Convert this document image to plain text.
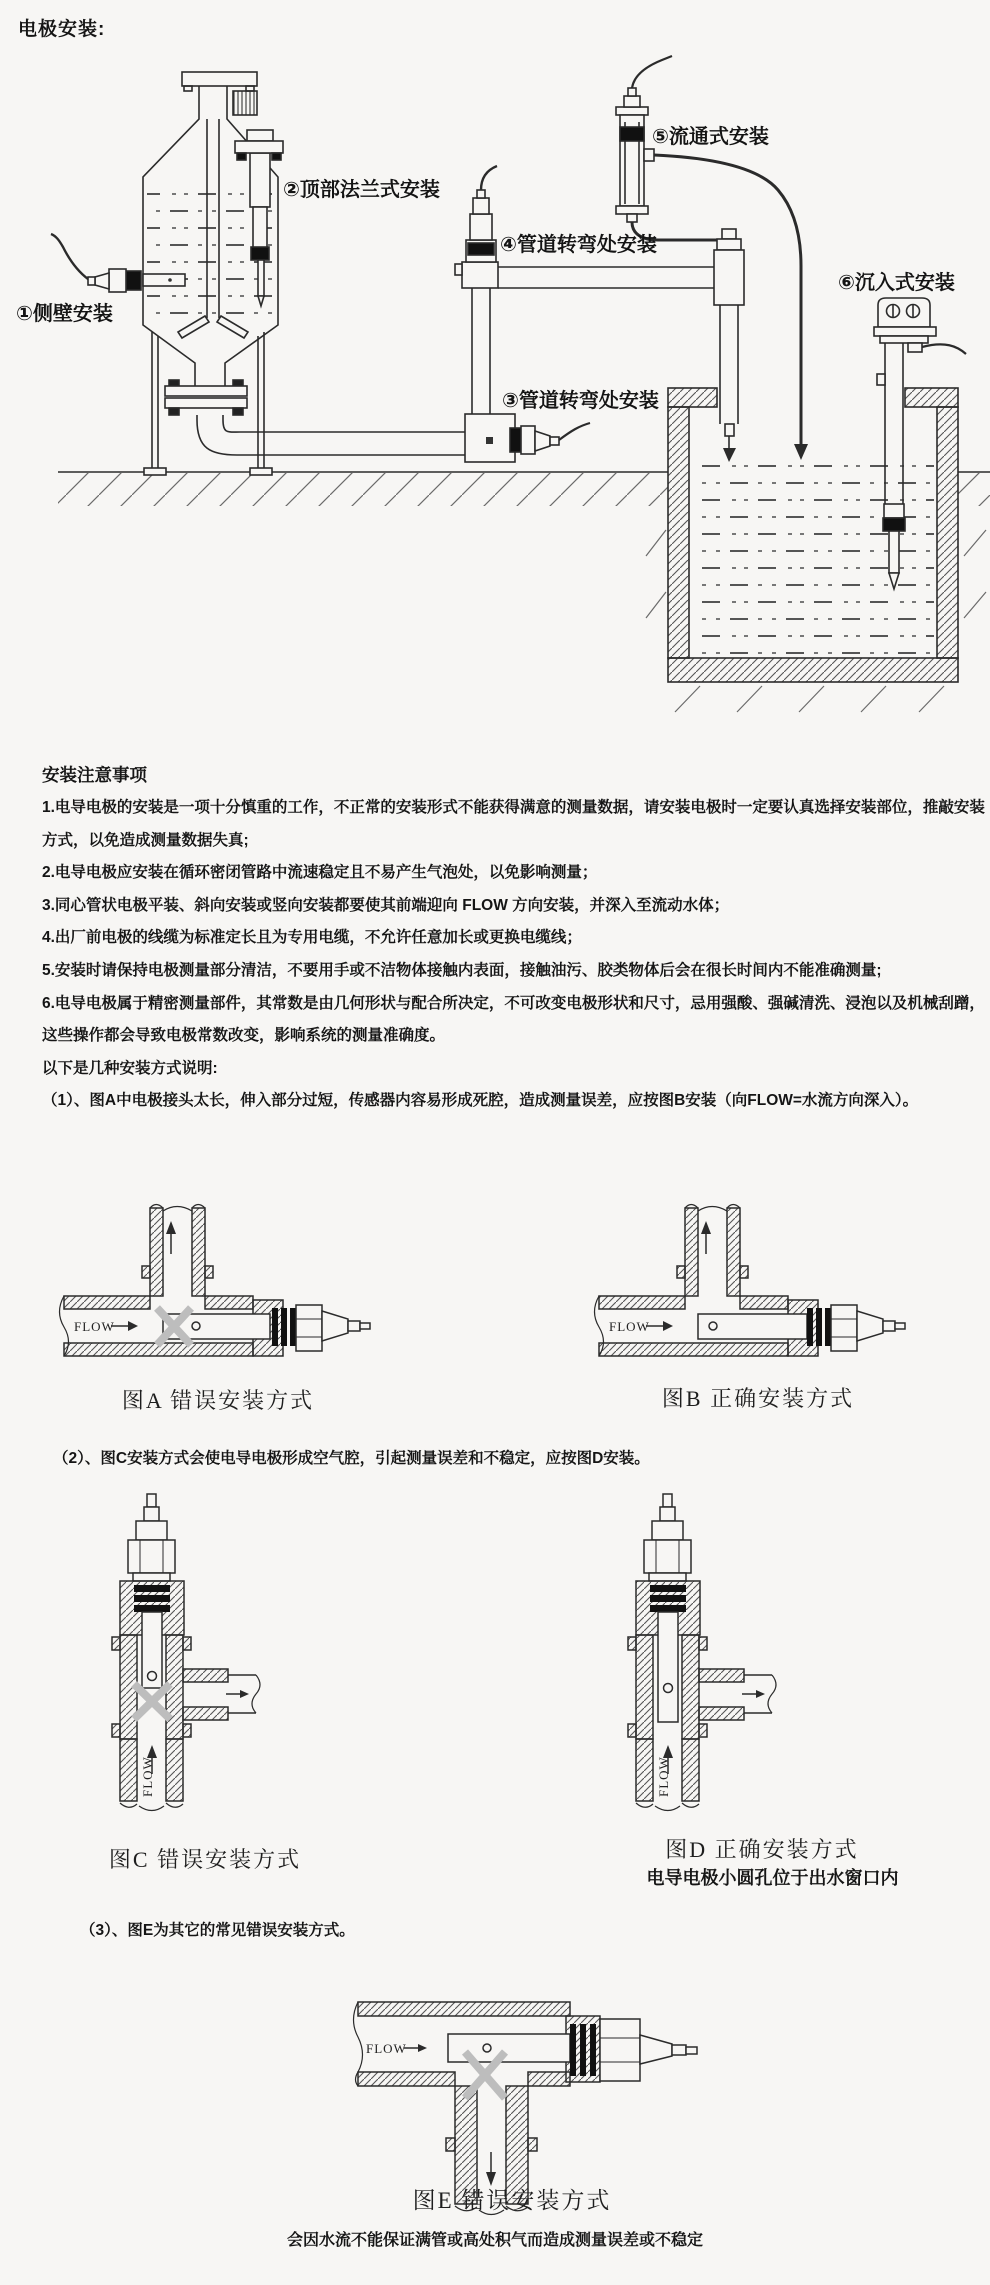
电极安装:
①侧壁安装
②顶部法兰式安装
③管道转弯处安装
④管道转弯处安装
⑤流通式安装
⑥沉入式安装
安装注意事项

1.电导电极的安装是一项十分慎重的工作，不正常的安装形式不能获得满意的测量数据，请安装电极时一定要认真选择安装部位，推敲安装方式，以免造成测量数据失真;

2.电导电极应安装在循环密闭管路中流速稳定且不易产生气泡处，以免影响测量；

3.同心管状电极平装、斜向安装或竖向安装都要使其前端迎向 FLOW 方向安装，并深入至流动水体；

4.出厂前电极的线缆为标准定长且为专用电缆，不允许任意加长或更换电缆线；

5.安装时请保持电极测量部分清洁，不要用手或不洁物体接触内表面，接触油污、胶类物体后会在很长时间内不能准确测量;

6.电导电极属于精密测量部件，其常数是由几何形状与配合所决定，不可改变电极形状和尺寸，忌用强酸、强碱清洗、浸泡以及机械刮蹭，这些操作都会导致电极常数改变，影响系统的测量准确度。

以下是几种安装方式说明:

（1）、图A中电极接头太长，伸入部分过短，传感器内容易形成死腔，造成测量误差，应按图B安装（向FLOW=水流方向深入）。

FLOW	FLOW
图A 错误安装方式	图B 正确安装方式
（2）、图C安装方式会使电导电极形成空气腔，引起测量误差和不稳定，应按图D安装。
FLOW	FLOW
图C 错误安装方式	图D 正确安装方式
电导电极小圆孔位于出水窗口内
（3）、图E为其它的常见错误安装方式。
FLOW
图E 错误安装方式
会因水流不能保证满管或高处积气而造成测量误差或不稳定
